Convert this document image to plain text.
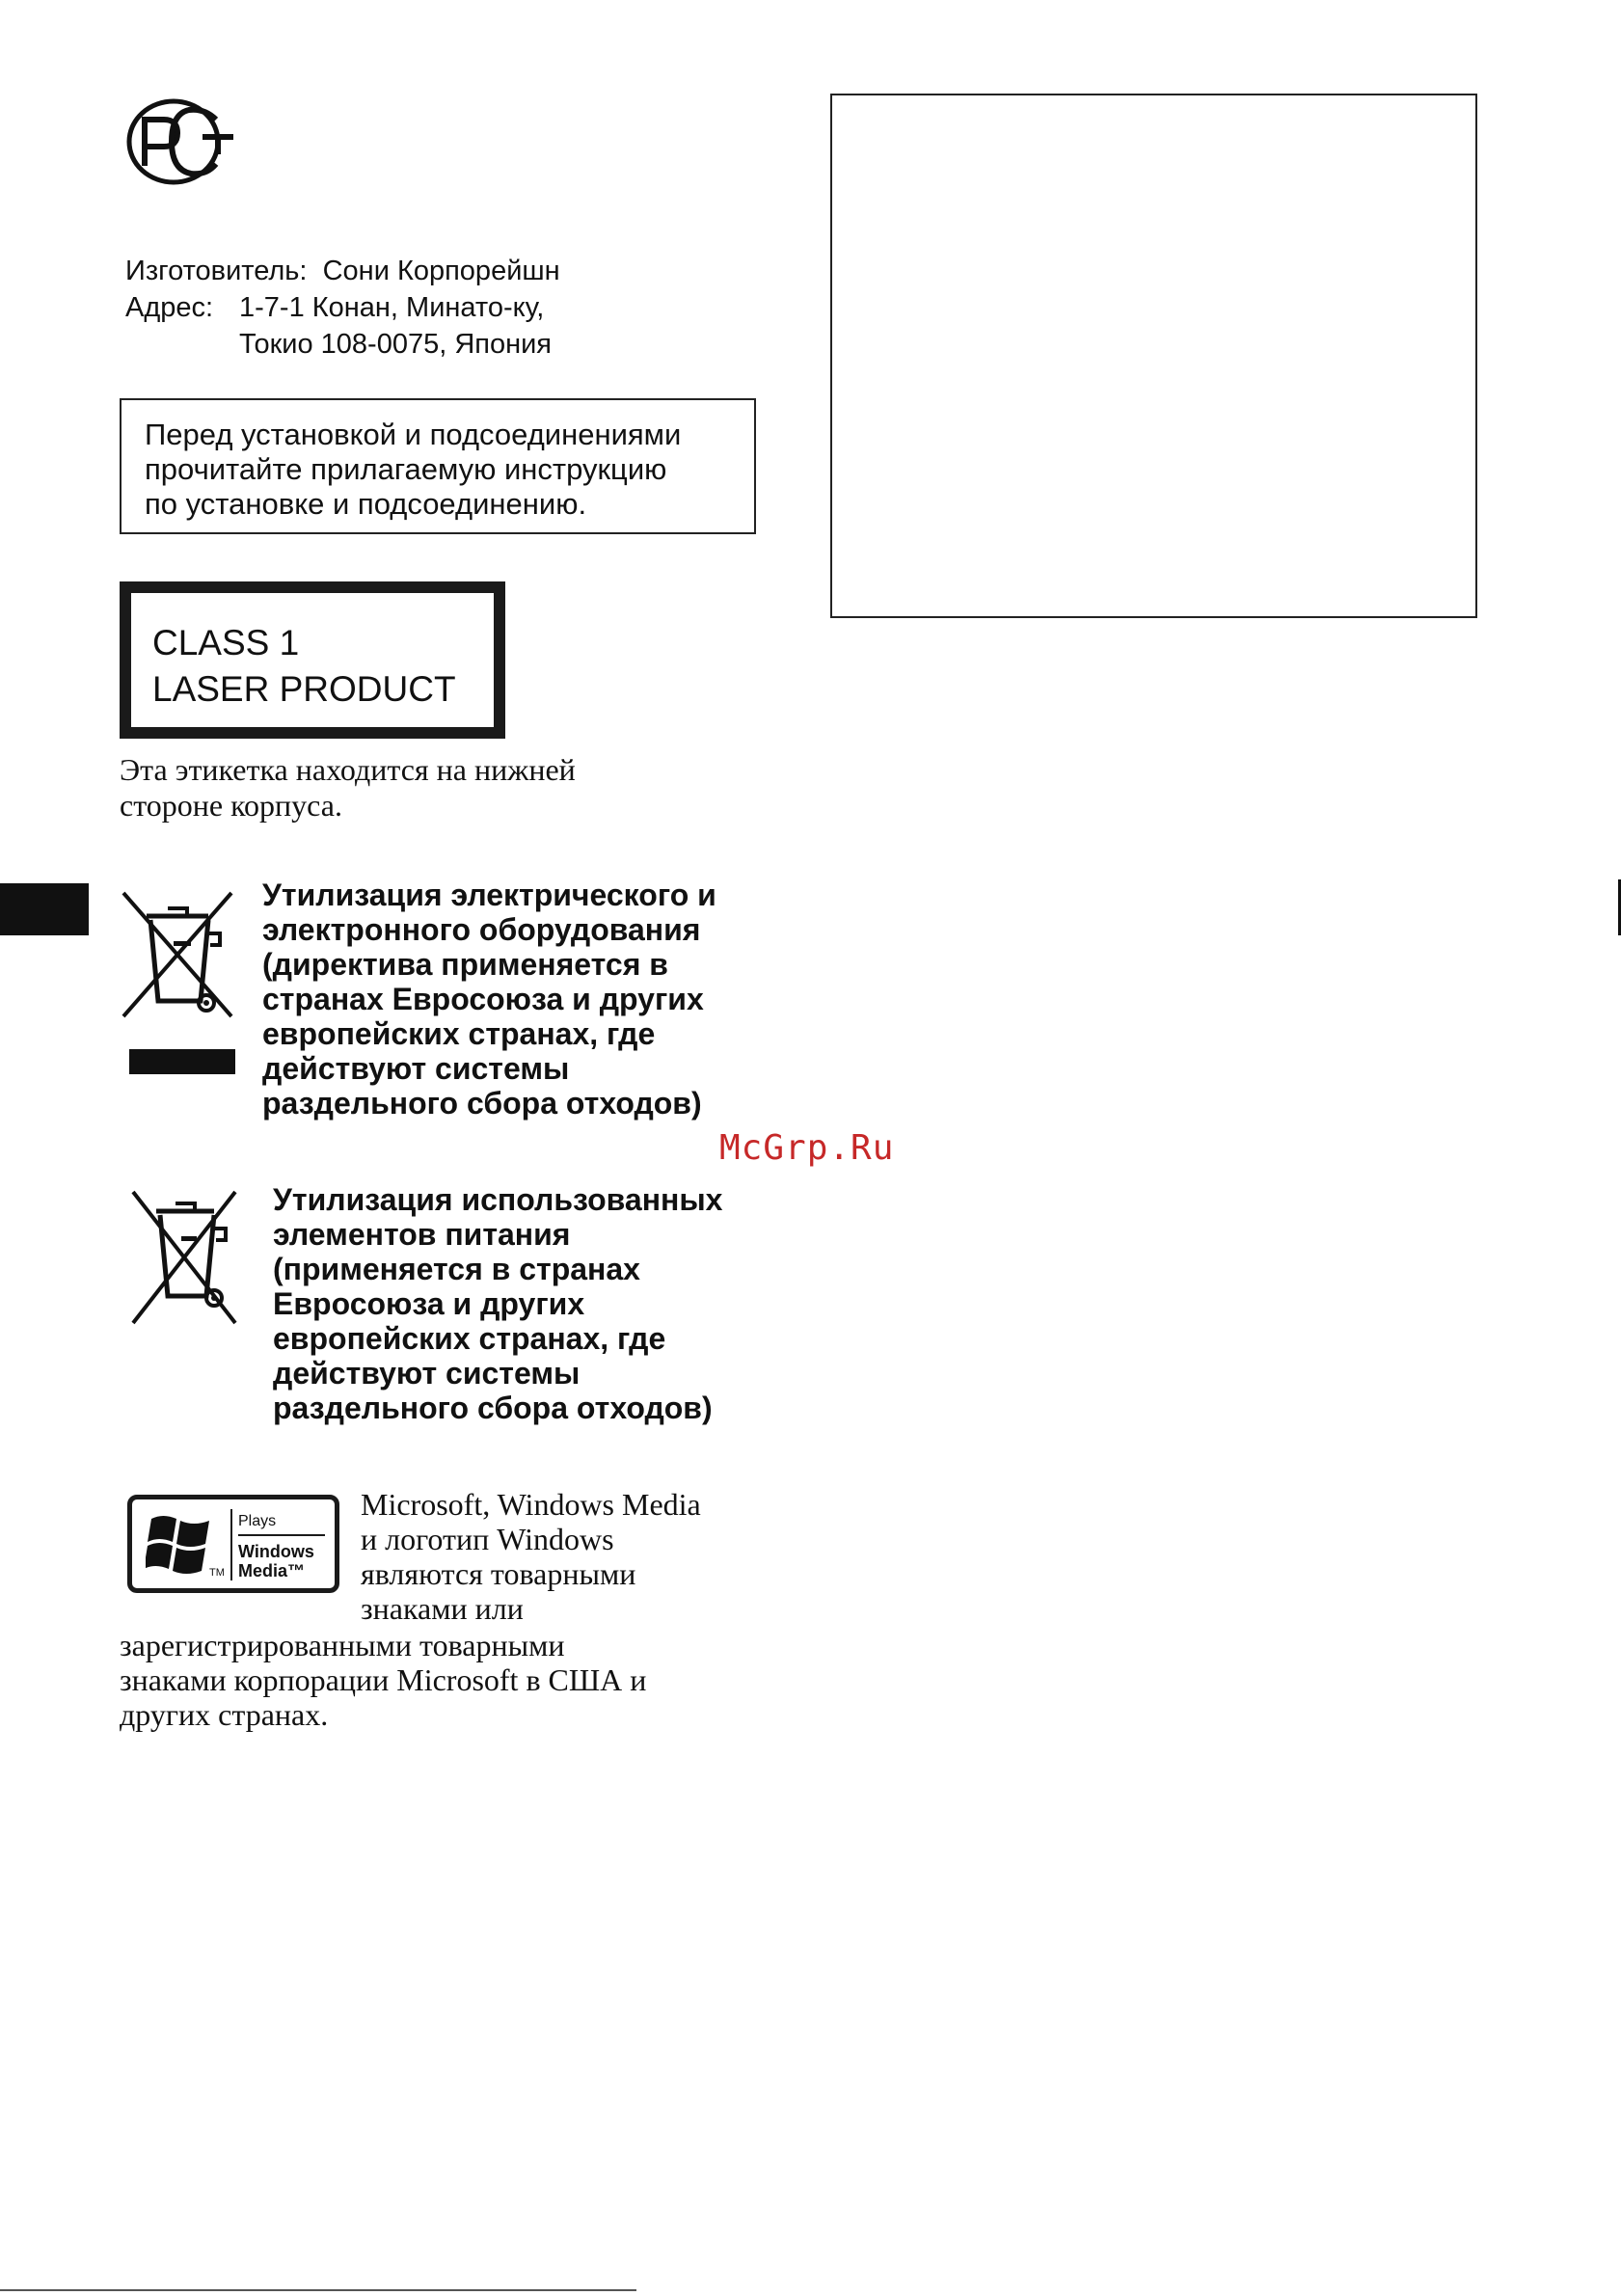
Изготовитель: Сони Корпорейшн
Адрес: 1-7-1 Конан, Минато-ку,
Токио 108-0075, Япония
Перед установкой и подсоединениями
прочитайте прилагаемую инструкцию
по установке и подсоединению.
CLASS 1
LASER PRODUCT
Эта этикетка находится на нижней
стороне корпуса.
Утилизация электрического и
электронного оборудования
(директива применяется в
странах Евросоюза и других
европейских странах, где
действуют системы
раздельного сбора отходов)
Утилизация использованных
элементов питания
(применяется в странах
Евросоюза и других
европейских странах, где
действуют системы
раздельного сбора отходов)
TM
Plays
Windows
Media™
Microsoft, Windows Media
и логотип Windows
являются товарными
знаками или
зарегистрированными товарными
знаками корпорации Microsoft в США и
других странах.
McGrp.Ru
